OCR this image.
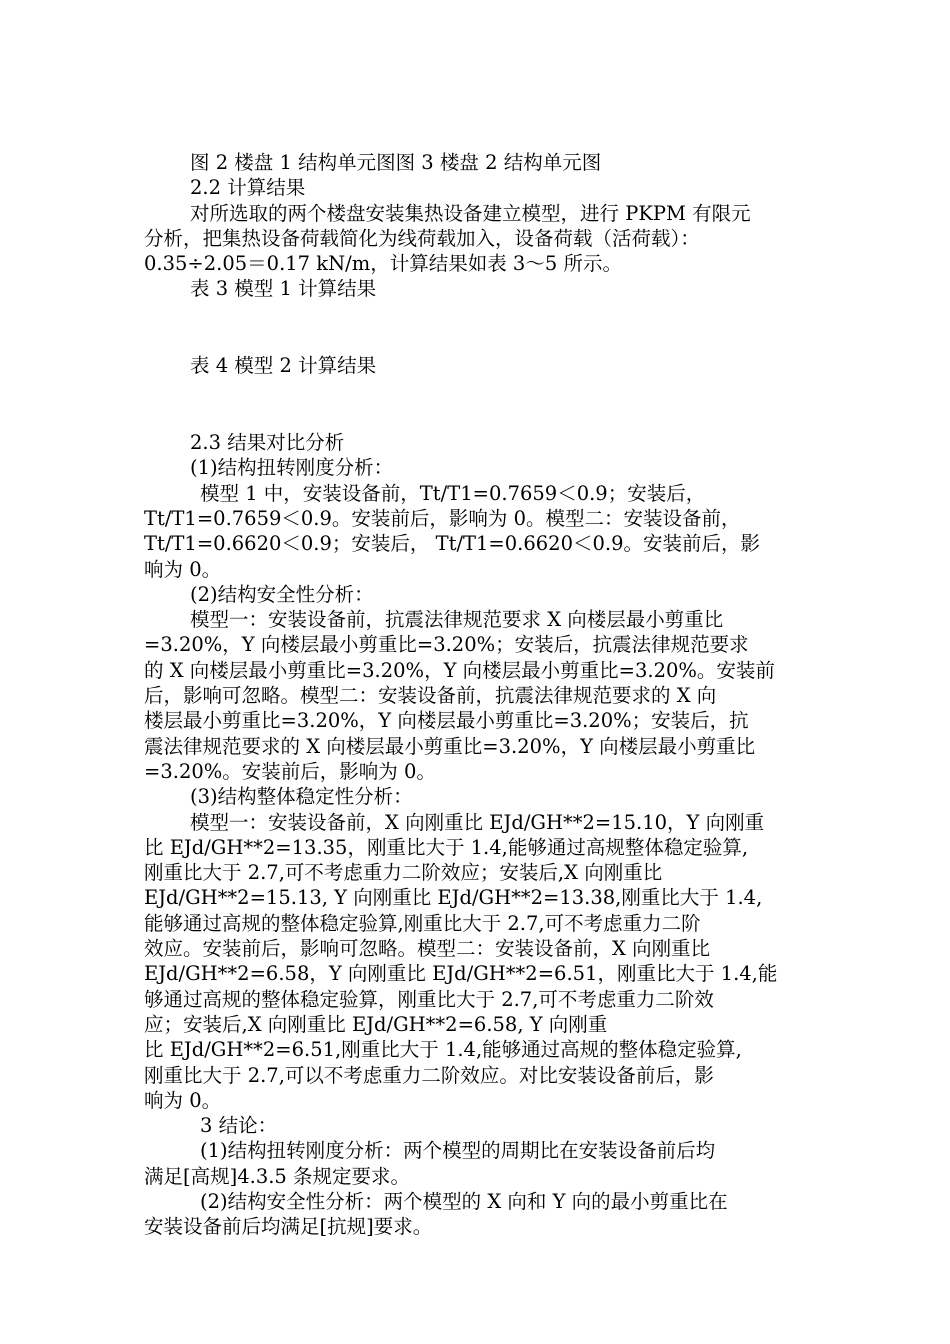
图 2 楼盘 1 结构单元图图 3 楼盘 2 结构单元图
2.2 计算结果
对所选取的两个楼盘安装集热设备建立模型，进行 PKPM 有限元
分析，把集热设备荷载简化为线荷载加入，设备荷载（活荷载）：
0.35÷2.05＝0.17 kN/m，计算结果如表 3～5 所示。
表 3 模型 1 计算结果
表 4 模型 2 计算结果
2.3 结果对比分析
(1)结构扭转刚度分析：
模型 1 中，安装设备前，Tt/T1=0.7659＜0.9；安装后，
Tt/T1=0.7659＜0.9。安装前后，影响为 0。模型二：安装设备前，
Tt/T1=0.6620＜0.9；安装后， Tt/T1=0.6620＜0.9。安装前后，影
响为 0。
(2)结构安全性分析：
模型一：安装设备前，抗震法律规范要求 X 向楼层最小剪重比
=3.20%，Y 向楼层最小剪重比=3.20%；安装后，抗震法律规范要求
的 X 向楼层最小剪重比=3.20%，Y 向楼层最小剪重比=3.20%。安装前
后，影响可忽略。模型二：安装设备前，抗震法律规范要求的 X 向
楼层最小剪重比=3.20%，Y 向楼层最小剪重比=3.20%；安装后，抗
震法律规范要求的 X 向楼层最小剪重比=3.20%，Y 向楼层最小剪重比
=3.20%。安装前后，影响为 0。
(3)结构整体稳定性分析：
模型一：安装设备前，X 向刚重比 EJd/GH**2=15.10，Y 向刚重
比 EJd/GH**2=13.35，刚重比大于 1.4,能够通过高规整体稳定验算,
刚重比大于 2.7,可不考虑重力二阶效应；安装后,X 向刚重比
EJd/GH**2=15.13, Y 向刚重比 EJd/GH**2=13.38,刚重比大于 1.4,
能够通过高规的整体稳定验算,刚重比大于 2.7,可不考虑重力二阶
效应。安装前后，影响可忽略。模型二：安装设备前，X 向刚重比
EJd/GH**2=6.58，Y 向刚重比 EJd/GH**2=6.51，刚重比大于 1.4,能
够通过高规的整体稳定验算，刚重比大于 2.7,可不考虑重力二阶效
应；安装后,X 向刚重比 EJd/GH**2=6.58, Y 向刚重
比 EJd/GH**2=6.51,刚重比大于 1.4,能够通过高规的整体稳定验算,
刚重比大于 2.7,可以不考虑重力二阶效应。对比安装设备前后，影
响为 0。
3 结论：
(1)结构扭转刚度分析：两个模型的周期比在安装设备前后均
满足[高规]4.3.5 条规定要求。
(2)结构安全性分析：两个模型的 X 向和 Y 向的最小剪重比在
安装设备前后均满足[抗规]要求。
